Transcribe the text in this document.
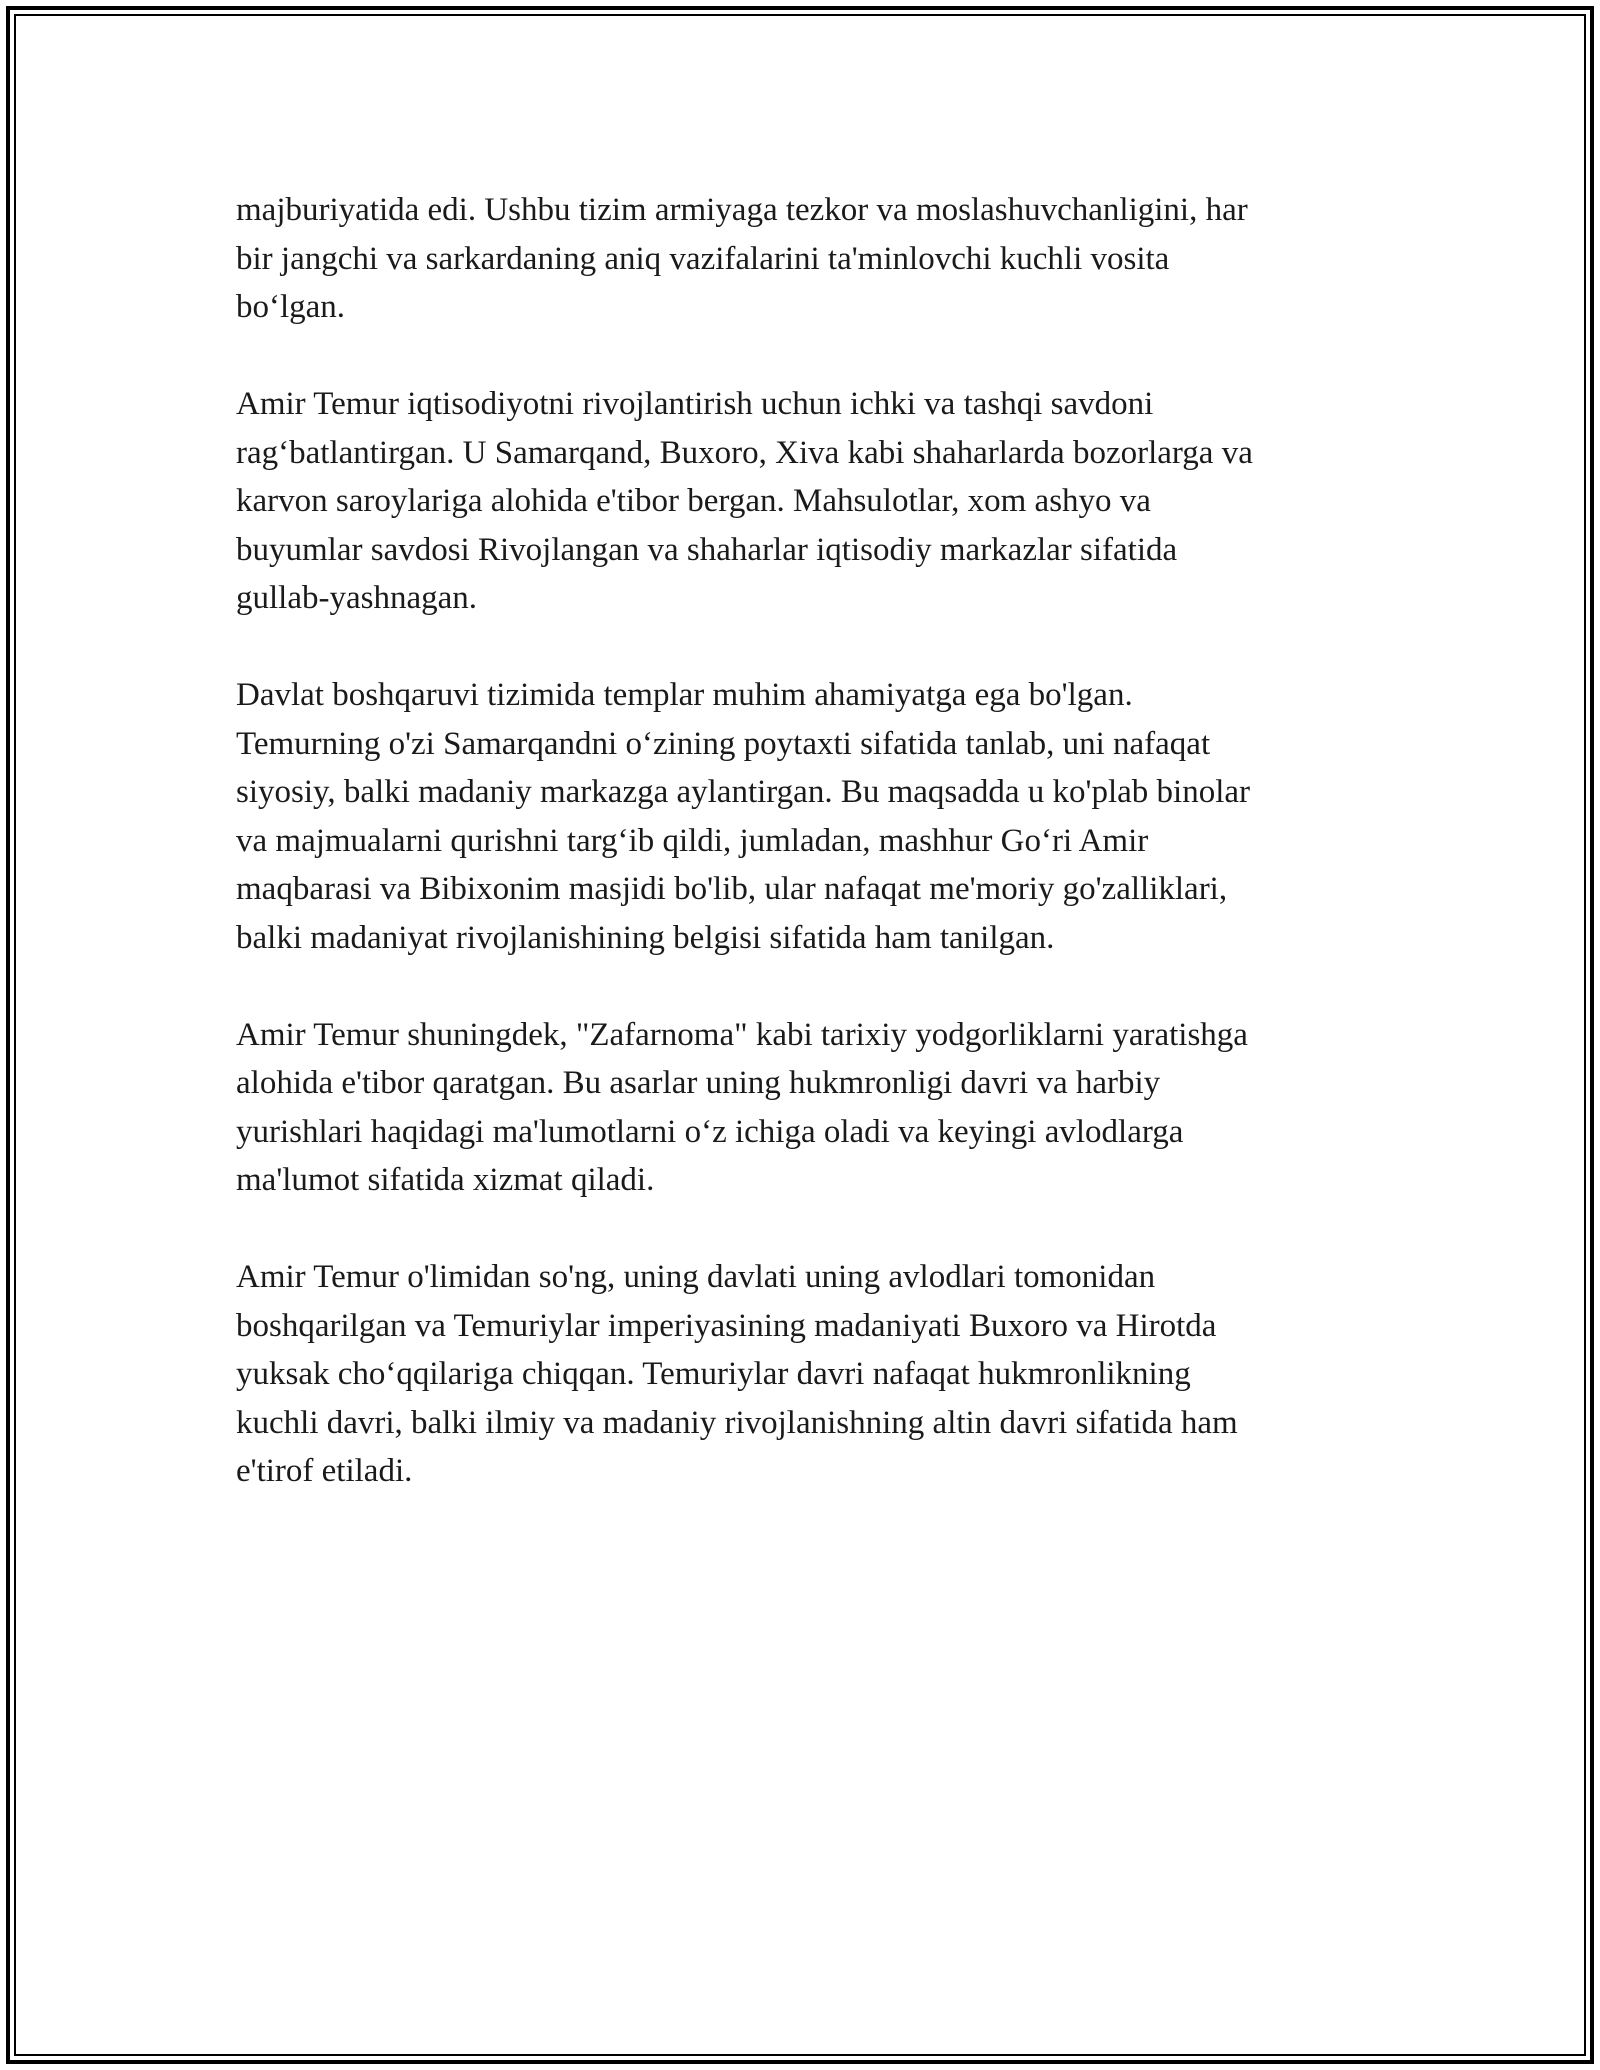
majburiyatida edi. Ushbu tizim armiyaga tezkor va moslashuvchanligini, har
bir jangchi va sarkardaning aniq vazifalarini ta'minlovchi kuchli vosita
bo‘lgan.

Amir Temur iqtisodiyotni rivojlantirish uchun ichki va tashqi savdoni
rag‘batlantirgan. U Samarqand, Buxoro, Xiva kabi shaharlarda bozorlarga va
karvon saroylariga alohida e'tibor bergan. Mahsulotlar, xom ashyo va
buyumlar savdosi Rivojlangan va shaharlar iqtisodiy markazlar sifatida
gullab-yashnagan.

Davlat boshqaruvi tizimida templar muhim ahamiyatga ega bo'lgan.
Temurning o'zi Samarqandni o‘zining poytaxti sifatida tanlab, uni nafaqat
siyosiy, balki madaniy markazga aylantirgan. Bu maqsadda u ko'plab binolar
va majmualarni qurishni targ‘ib qildi, jumladan, mashhur Go‘ri Amir
maqbarasi va Bibixonim masjidi bo'lib, ular nafaqat me'moriy go'zalliklari,
balki madaniyat rivojlanishining belgisi sifatida ham tanilgan.

Amir Temur shuningdek, "Zafarnoma" kabi tarixiy yodgorliklarni yaratishga
alohida e'tibor qaratgan. Bu asarlar uning hukmronligi davri va harbiy
yurishlari haqidagi ma'lumotlarni o‘z ichiga oladi va keyingi avlodlarga
ma'lumot sifatida xizmat qiladi.

Amir Temur o'limidan so'ng, uning davlati uning avlodlari tomonidan
boshqarilgan va Temuriylar imperiyasining madaniyati Buxoro va Hirotda
yuksak cho‘qqilariga chiqqan. Temuriylar davri nafaqat hukmronlikning
kuchli davri, balki ilmiy va madaniy rivojlanishning altin davri sifatida ham
e'tirof etiladi.
